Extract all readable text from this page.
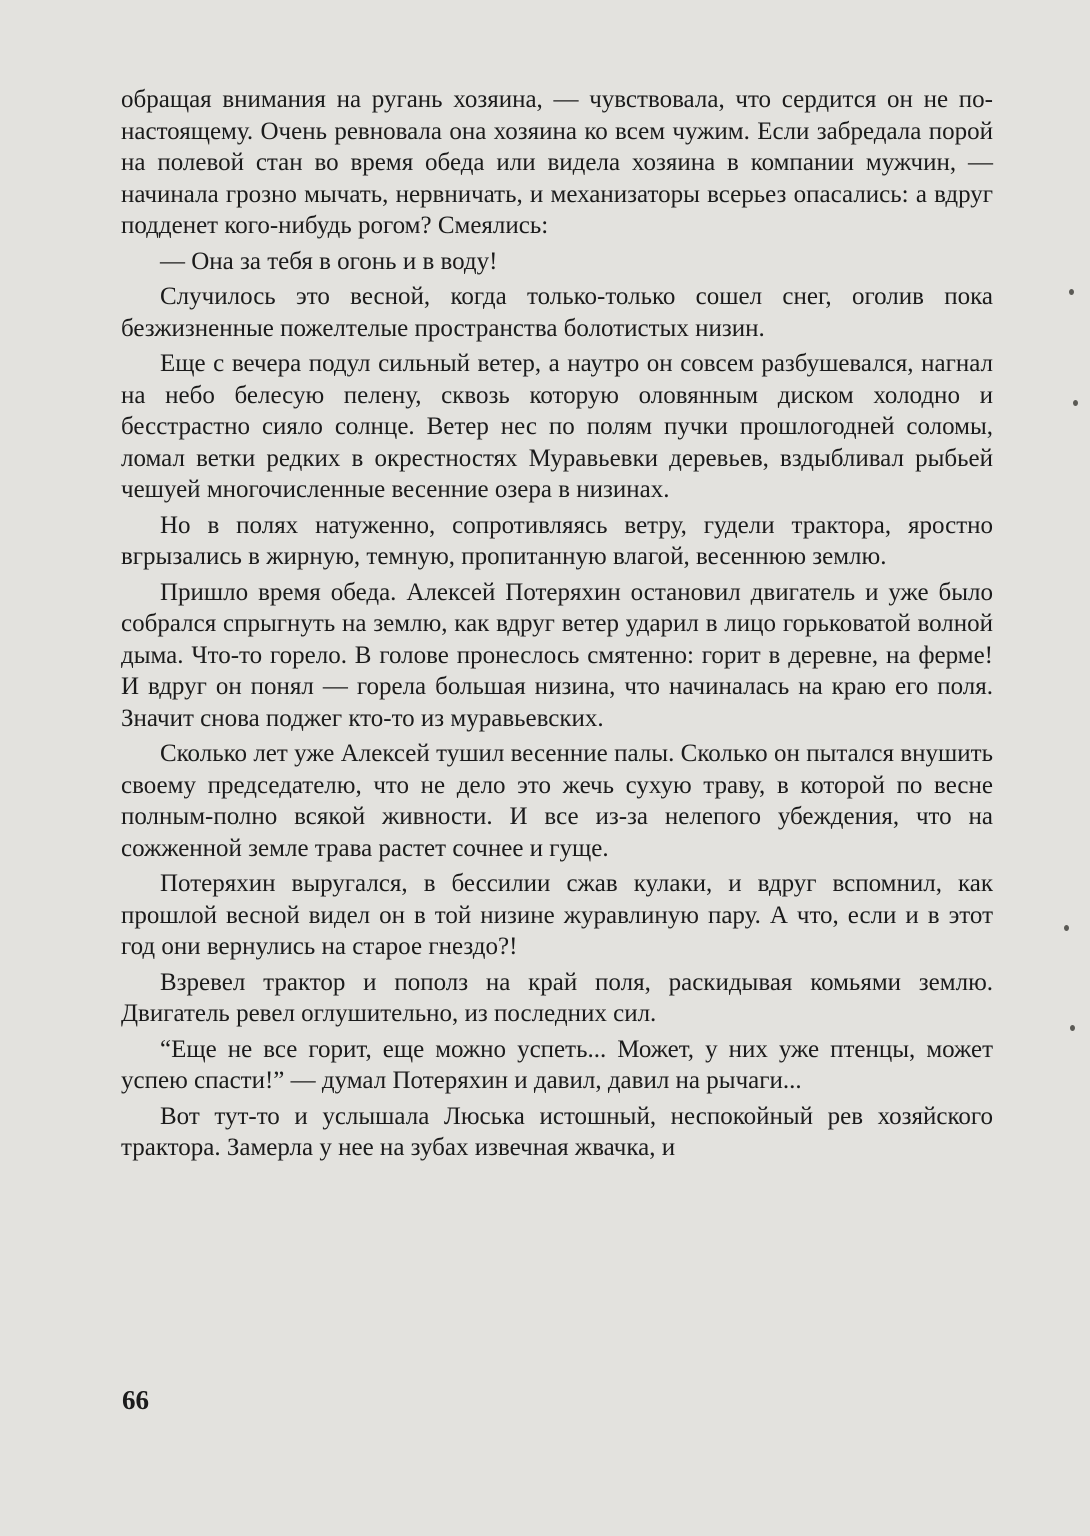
обращая внимания на ругань хозяина, — чувствовала, что сердится он не по-настоящему. Очень ревновала она хозяина ко всем чужим. Если забредала порой на полевой стан во время обеда или видела хозяина в компании мужчин, — начинала грозно мычать, нервничать, и механизаторы всерьез опасались: а вдруг подденет кого-нибудь рогом? Смеялись:

— Она за тебя в огонь и в воду!

Случилось это весной, когда только-только сошел снег, оголив пока безжизненные пожелтелые пространства болотистых низин.

Еще с вечера подул сильный ветер, а наутро он совсем разбушевался, нагнал на небо белесую пелену, сквозь которую оловянным диском холодно и бесстрастно сияло солнце. Ветер нес по полям пучки прошлогодней соломы, ломал ветки редких в окрестностях Муравьевки деревьев, вздыбливал рыбьей чешуей многочисленные весенние озера в низинах.

Но в полях натуженно, сопротивляясь ветру, гудели трактора, яростно вгрызались в жирную, темную, пропитанную влагой, весеннюю землю.

Пришло время обеда. Алексей Потеряхин остановил двигатель и уже было собрался спрыгнуть на землю, как вдруг ветер ударил в лицо горьковатой волной дыма. Что-то горело. В голове пронеслось смятенно: горит в деревне, на ферме! И вдруг он понял — горела большая низина, что начиналась на краю его поля. Значит снова поджег кто-то из муравьевских.

Сколько лет уже Алексей тушил весенние палы. Сколько он пытался внушить своему председателю, что не дело это жечь сухую траву, в которой по весне полным-полно всякой живности. И все из-за нелепого убеждения, что на сожженной земле трава растет сочнее и гуще.

Потеряхин выругался, в бессилии сжав кулаки, и вдруг вспомнил, как прошлой весной видел он в той низине журавлиную пару. А что, если и в этот год они вернулись на старое гнездо?!

Взревел трактор и пополз на край поля, раскидывая комьями землю. Двигатель ревел оглушительно, из последних сил.

“Еще не все горит, еще можно успеть... Может, у них уже птенцы, может успею спасти!” — думал Потеряхин и давил, давил на рычаги...

Вот тут-то и услышала Люська истошный, неспокойный рев хозяйского трактора. Замерла у нее на зубах извечная жвачка, и

66
